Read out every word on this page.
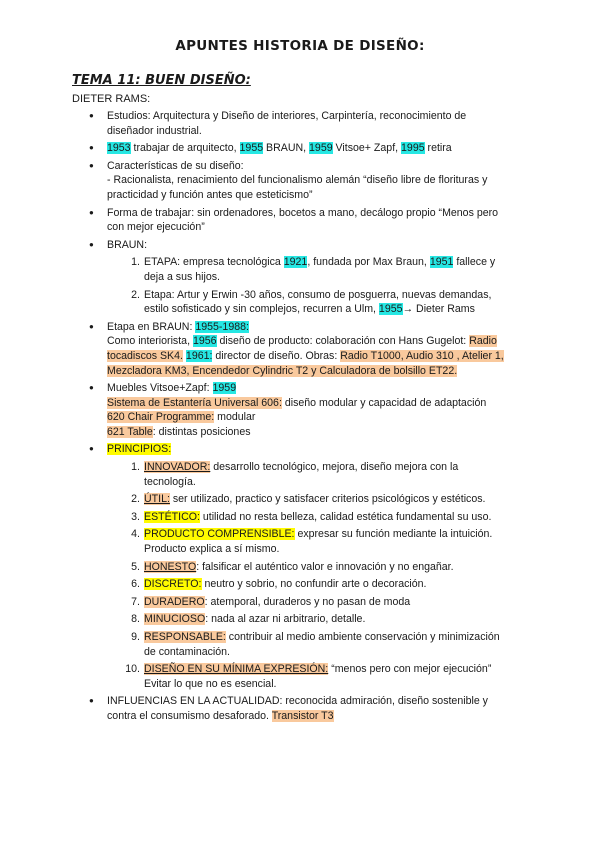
APUNTES HISTORIA DE DISEÑO:
TEMA 11: BUEN DISEÑO:
DIETER RAMS:
● Estudios: Arquitectura y Diseño de interiores, Carpintería, reconocimiento de
diseñador industrial.
● 1953 trabajar de arquitecto, 1955 BRAUN, 1959 Vitsoe+ Zapf, 1995 retira
● Características de su diseño:
- Racionalista, renacimiento del funcionalismo alemán “diseño libre de florituras y
practicidad y función antes que esteticismo”
● Forma de trabajar: sin ordenadores, bocetos a mano, decálogo propio “Menos pero
con mejor ejecución”
● BRAUN:
1. ETAPA: empresa tecnológica 1921, fundada por Max Braun, 1951 fallece y
deja a sus hijos.
2. Etapa: Artur y Erwin -30 años, consumo de posguerra, nuevas demandas,
estilo sofisticado y sin complejos, recurren a Ulm, 1955→ Dieter Rams
● Etapa en BRAUN: 1955-1988:
Como interiorista, 1956 diseño de producto: colaboración con Hans Gugelot: Radio
tocadiscos SK4. 1961: director de diseño. Obras: Radio T1000, Audio 310 , Atelier 1,
Mezcladora KM3, Encendedor Cylindric T2 y Calculadora de bolsillo ET22.
● Muebles Vitsoe+Zapf: 1959
Sistema de Estantería Universal 606: diseño modular y capacidad de adaptación
620 Chair Programme: modular
621 Table: distintas posiciones
● PRINCIPIOS:
1. INNOVADOR: desarrollo tecnológico, mejora, diseño mejora con la
tecnología.
2. ÚTIL: ser utilizado, practico y satisfacer criterios psicológicos y estéticos.
3. ESTÉTICO: utilidad no resta belleza, calidad estética fundamental su uso.
4. PRODUCTO COMPRENSIBLE: expresar su función mediante la intuición.
Producto explica a sí mismo.
5. HONESTO: falsificar el auténtico valor e innovación y no engañar.
6. DISCRETO: neutro y sobrio, no confundir arte o decoración.
7. DURADERO: atemporal, duraderos y no pasan de moda
8. MINUCIOSO: nada al azar ni arbitrario, detalle.
9. RESPONSABLE: contribuir al medio ambiente conservación y minimización
de contaminación.
10. DISEÑO EN SU MÍNIMA EXPRESIÓN: “menos pero con mejor ejecución”
Evitar lo que no es esencial.
● INFLUENCIAS EN LA ACTUALIDAD: reconocida admiración, diseño sostenible y
contra el consumismo desaforado. Transistor T3
